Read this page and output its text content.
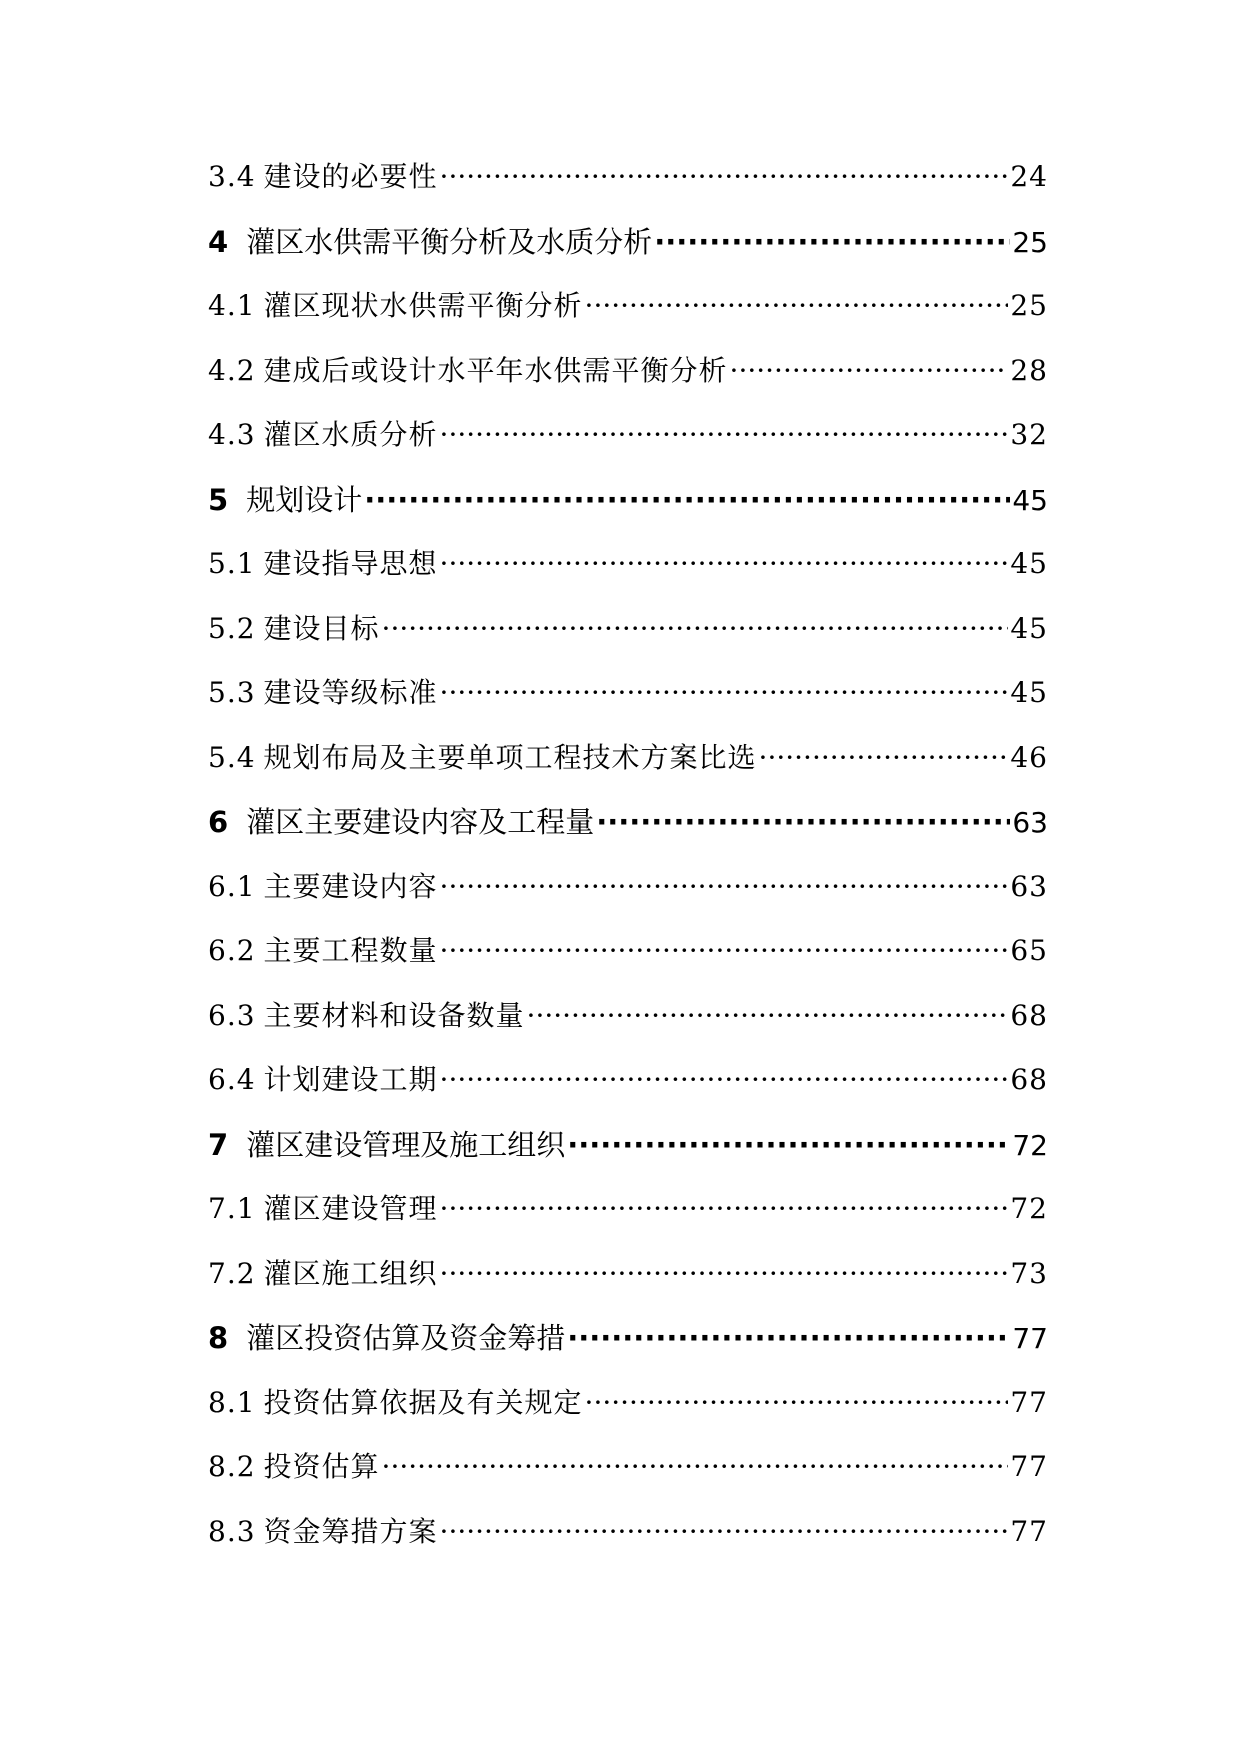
3.4 建设的必要性 ·····	24
4 灌区水供需平衡分析及水质分析 ·····	25
4.1 灌区现状水供需平衡分析 ·····	25
4.2 建成后或设计水平年水供需平衡分析 ·····	28
4.3 灌区水质分析 ·····	32
5 规划设计 ·····	45
5.1 建设指导思想 ·····	45
5.2 建设目标 ·····	45
5.3 建设等级标准 ·····	45
5.4 规划布局及主要单项工程技术方案比选 ·····	46
6 灌区主要建设内容及工程量 ·····	63
6.1 主要建设内容 ·····	63
6.2 主要工程数量 ·····	65
6.3 主要材料和设备数量 ·····	68
6.4 计划建设工期 ·····	68
7 灌区建设管理及施工组织 ·····	72
7.1 灌区建设管理 ·····	72
7.2 灌区施工组织 ·····	73
8 灌区投资估算及资金筹措 ·····	77
8.1 投资估算依据及有关规定 ·····	77
8.2 投资估算 ·····	77
8.3 资金筹措方案 ·····	77
